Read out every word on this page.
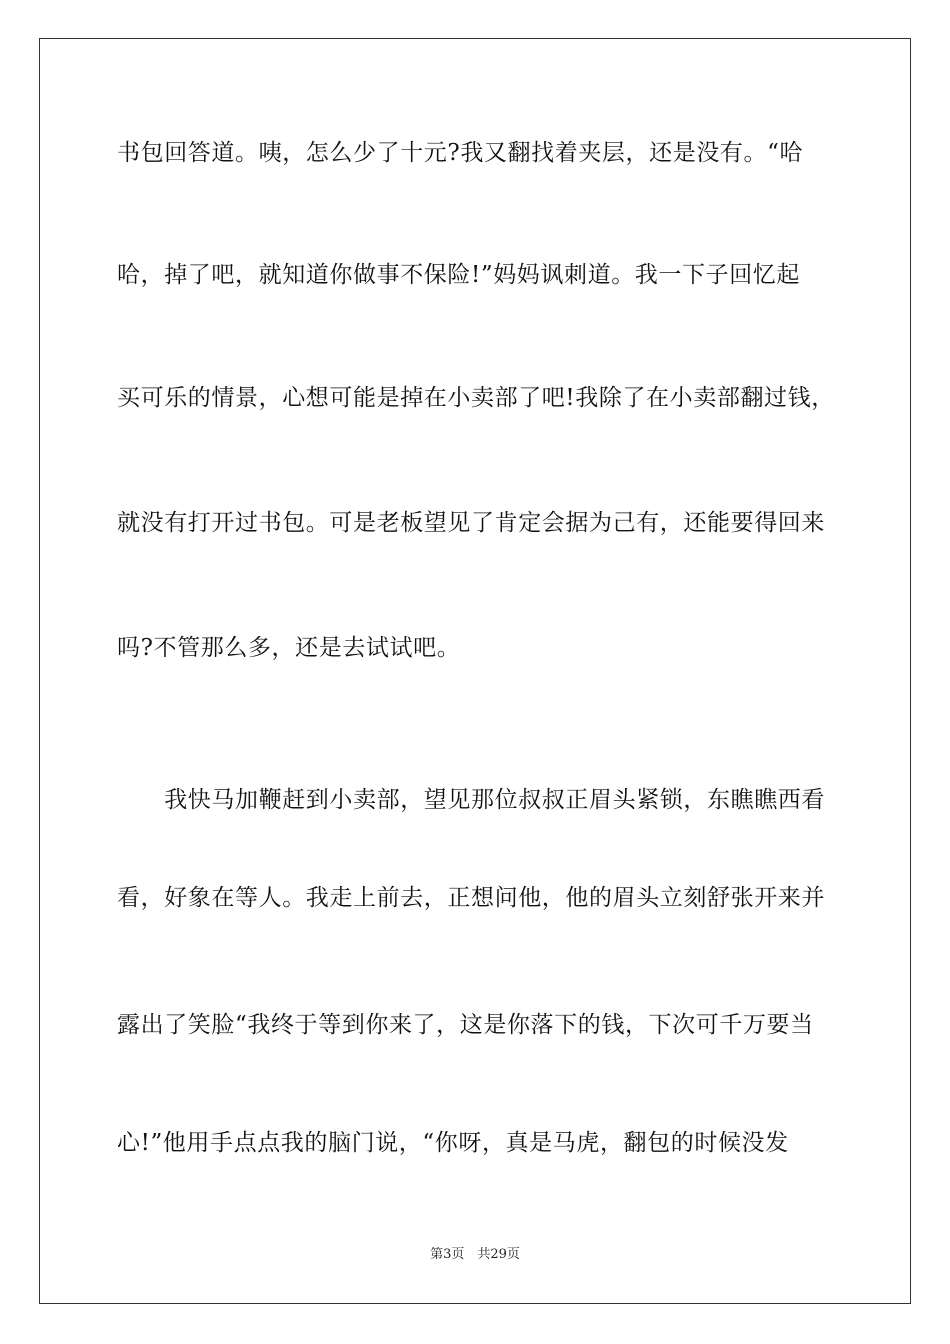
书包回答道。咦，怎么少了十元?我又翻找着夹层，还是没有。“哈
哈，掉了吧，就知道你做事不保险!”妈妈讽刺道。我一下子回忆起
买可乐的情景，心想可能是掉在小卖部了吧!我除了在小卖部翻过钱，
就没有打开过书包。可是老板望见了肯定会据为己有，还能要得回来
吗?不管那么多，还是去试试吧。
　　我快马加鞭赶到小卖部，望见那位叔叔正眉头紧锁，东瞧瞧西看
看，好象在等人。我走上前去，正想问他，他的眉头立刻舒张开来并
露出了笑脸“我终于等到你来了，这是你落下的钱，下次可千万要当
心!”他用手点点我的脑门说，“你呀，真是马虎，翻包的时候没发
第3页　共29页
